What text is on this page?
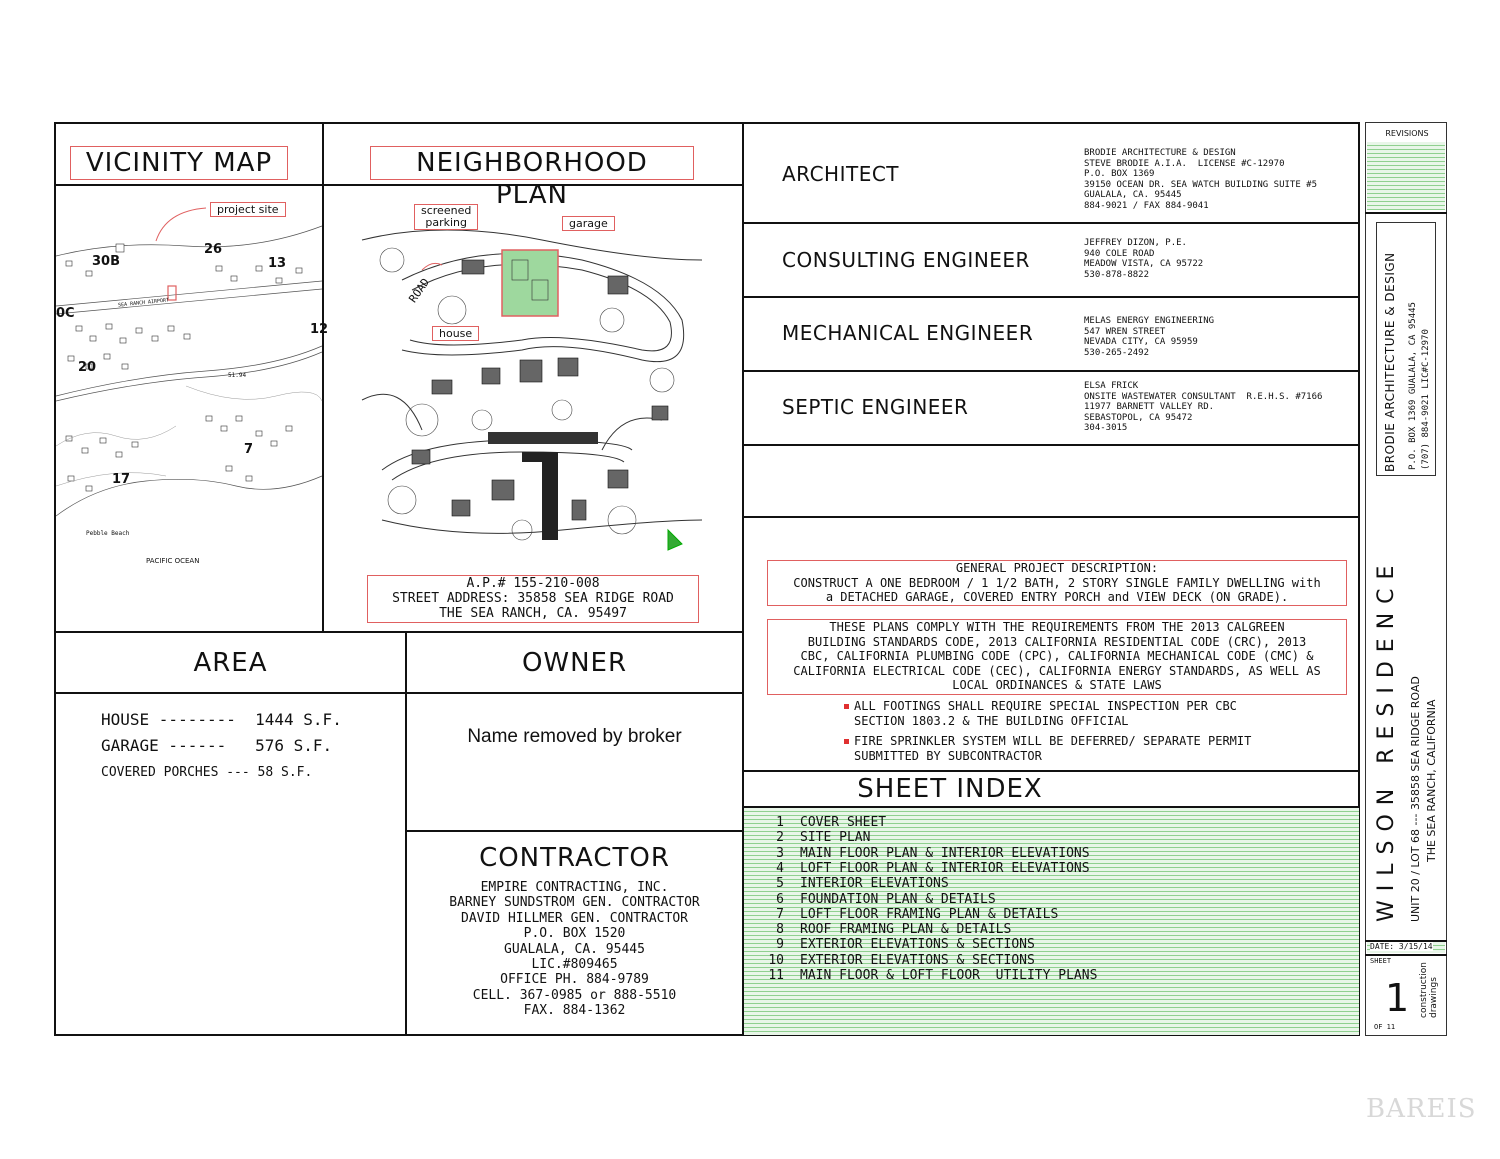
VICINITY MAP
project site
30B
26
13
20
7
17
12
0C
SEA RANCH AIRPORT
51.94
Pebble Beach
PACIFIC OCEAN
NEIGHBORHOOD PLAN
ROAD
screened
parking	garage
house
A.P.# 155-210-008
STREET ADDRESS: 35858 SEA RIDGE ROAD
THE SEA RANCH, CA. 95497
ARCHITECT
BRODIE ARCHITECTURE & DESIGN
STEVE BRODIE A.I.A.  LICENSE #C-12970
P.O. BOX 1369
39150 OCEAN DR. SEA WATCH BUILDING SUITE #5
GUALALA, CA. 95445
884-9021 / FAX 884-9041
CONSULTING ENGINEER
JEFFREY DIZON, P.E.
940 COLE ROAD
MEADOW VISTA, CA 95722
530-878-8822
MECHANICAL ENGINEER	MELAS ENERGY ENGINEERING
547 WREN STREET
NEVADA CITY, CA 95959
530-265-2492
SEPTIC ENGINEER
ELSA FRICK
ONSITE WASTEWATER CONSULTANT  R.E.H.S. #7166
11977 BARNETT VALLEY RD.
SEBASTOPOL, CA 95472
304-3015
GENERAL PROJECT DESCRIPTION:
CONSTRUCT A ONE BEDROOM / 1 1/2 BATH, 2 STORY SINGLE FAMILY DWELLING with
a DETACHED GARAGE, COVERED ENTRY PORCH and VIEW DECK (ON GRADE).
THESE PLANS COMPLY WITH THE REQUIREMENTS FROM THE 2013 CALGREEN
BUILDING STANDARDS CODE, 2013 CALIFORNIA RESIDENTIAL CODE (CRC), 2013
CBC, CALIFORNIA PLUMBING CODE (CPC), CALIFORNIA MECHANICAL CODE (CMC) &
CALIFORNIA ELECTRICAL CODE (CEC), CALIFORNIA ENERGY STANDARDS, AS WELL AS
LOCAL ORDINANCES & STATE LAWS
ALL FOOTINGS SHALL REQUIRE SPECIAL INSPECTION PER CBC
SECTION 1803.2 & THE BUILDING OFFICIAL
FIRE SPRINKLER SYSTEM WILL BE DEFERRED/ SEPARATE PERMIT
SUBMITTED BY SUBCONTRACTOR
AREA
HOUSE --------  1444 S.F.
GARAGE ------   576 S.F.
COVERED PORCHES --- 58 S.F.
OWNER
Name removed by broker
CONTRACTOR
EMPIRE CONTRACTING, INC.
BARNEY SUNDSTROM GEN. CONTRACTOR
DAVID HILLMER GEN. CONTRACTOR
P.O. BOX 1520
GUALALA, CA. 95445
LIC.#809465
OFFICE PH. 884-9789
CELL. 367-0985 or 888-5510
FAX. 884-1362
SHEET INDEX
1 COVER SHEET
2 SITE PLAN
3 MAIN FLOOR PLAN & INTERIOR ELEVATIONS
4 LOFT FLOOR PLAN & INTERIOR ELEVATIONS
5 INTERIOR ELEVATIONS
6 FOUNDATION PLAN & DETAILS
7 LOFT FLOOR FRAMING PLAN & DETAILS
8 ROOF FRAMING PLAN & DETAILS
9 EXTERIOR ELEVATIONS & SECTIONS
10 EXTERIOR ELEVATIONS & SECTIONS
11 MAIN FLOOR & LOFT FLOOR  UTILITY PLANS
REVISIONS
BRODIE ARCHITECTURE & DESIGN P.O. BOX 1369 GUALALA, CA 95445 (707) 884-9021 LIC#C-12970
WILSON RESIDENCE UNIT 20 / LOT 68 --- 35858 SEA RIDGE ROAD THE SEA RANCH, CALIFORNIA
DATE: 3/15/14
SHEET
1
OF 11
construction
drawings
BAREIS
